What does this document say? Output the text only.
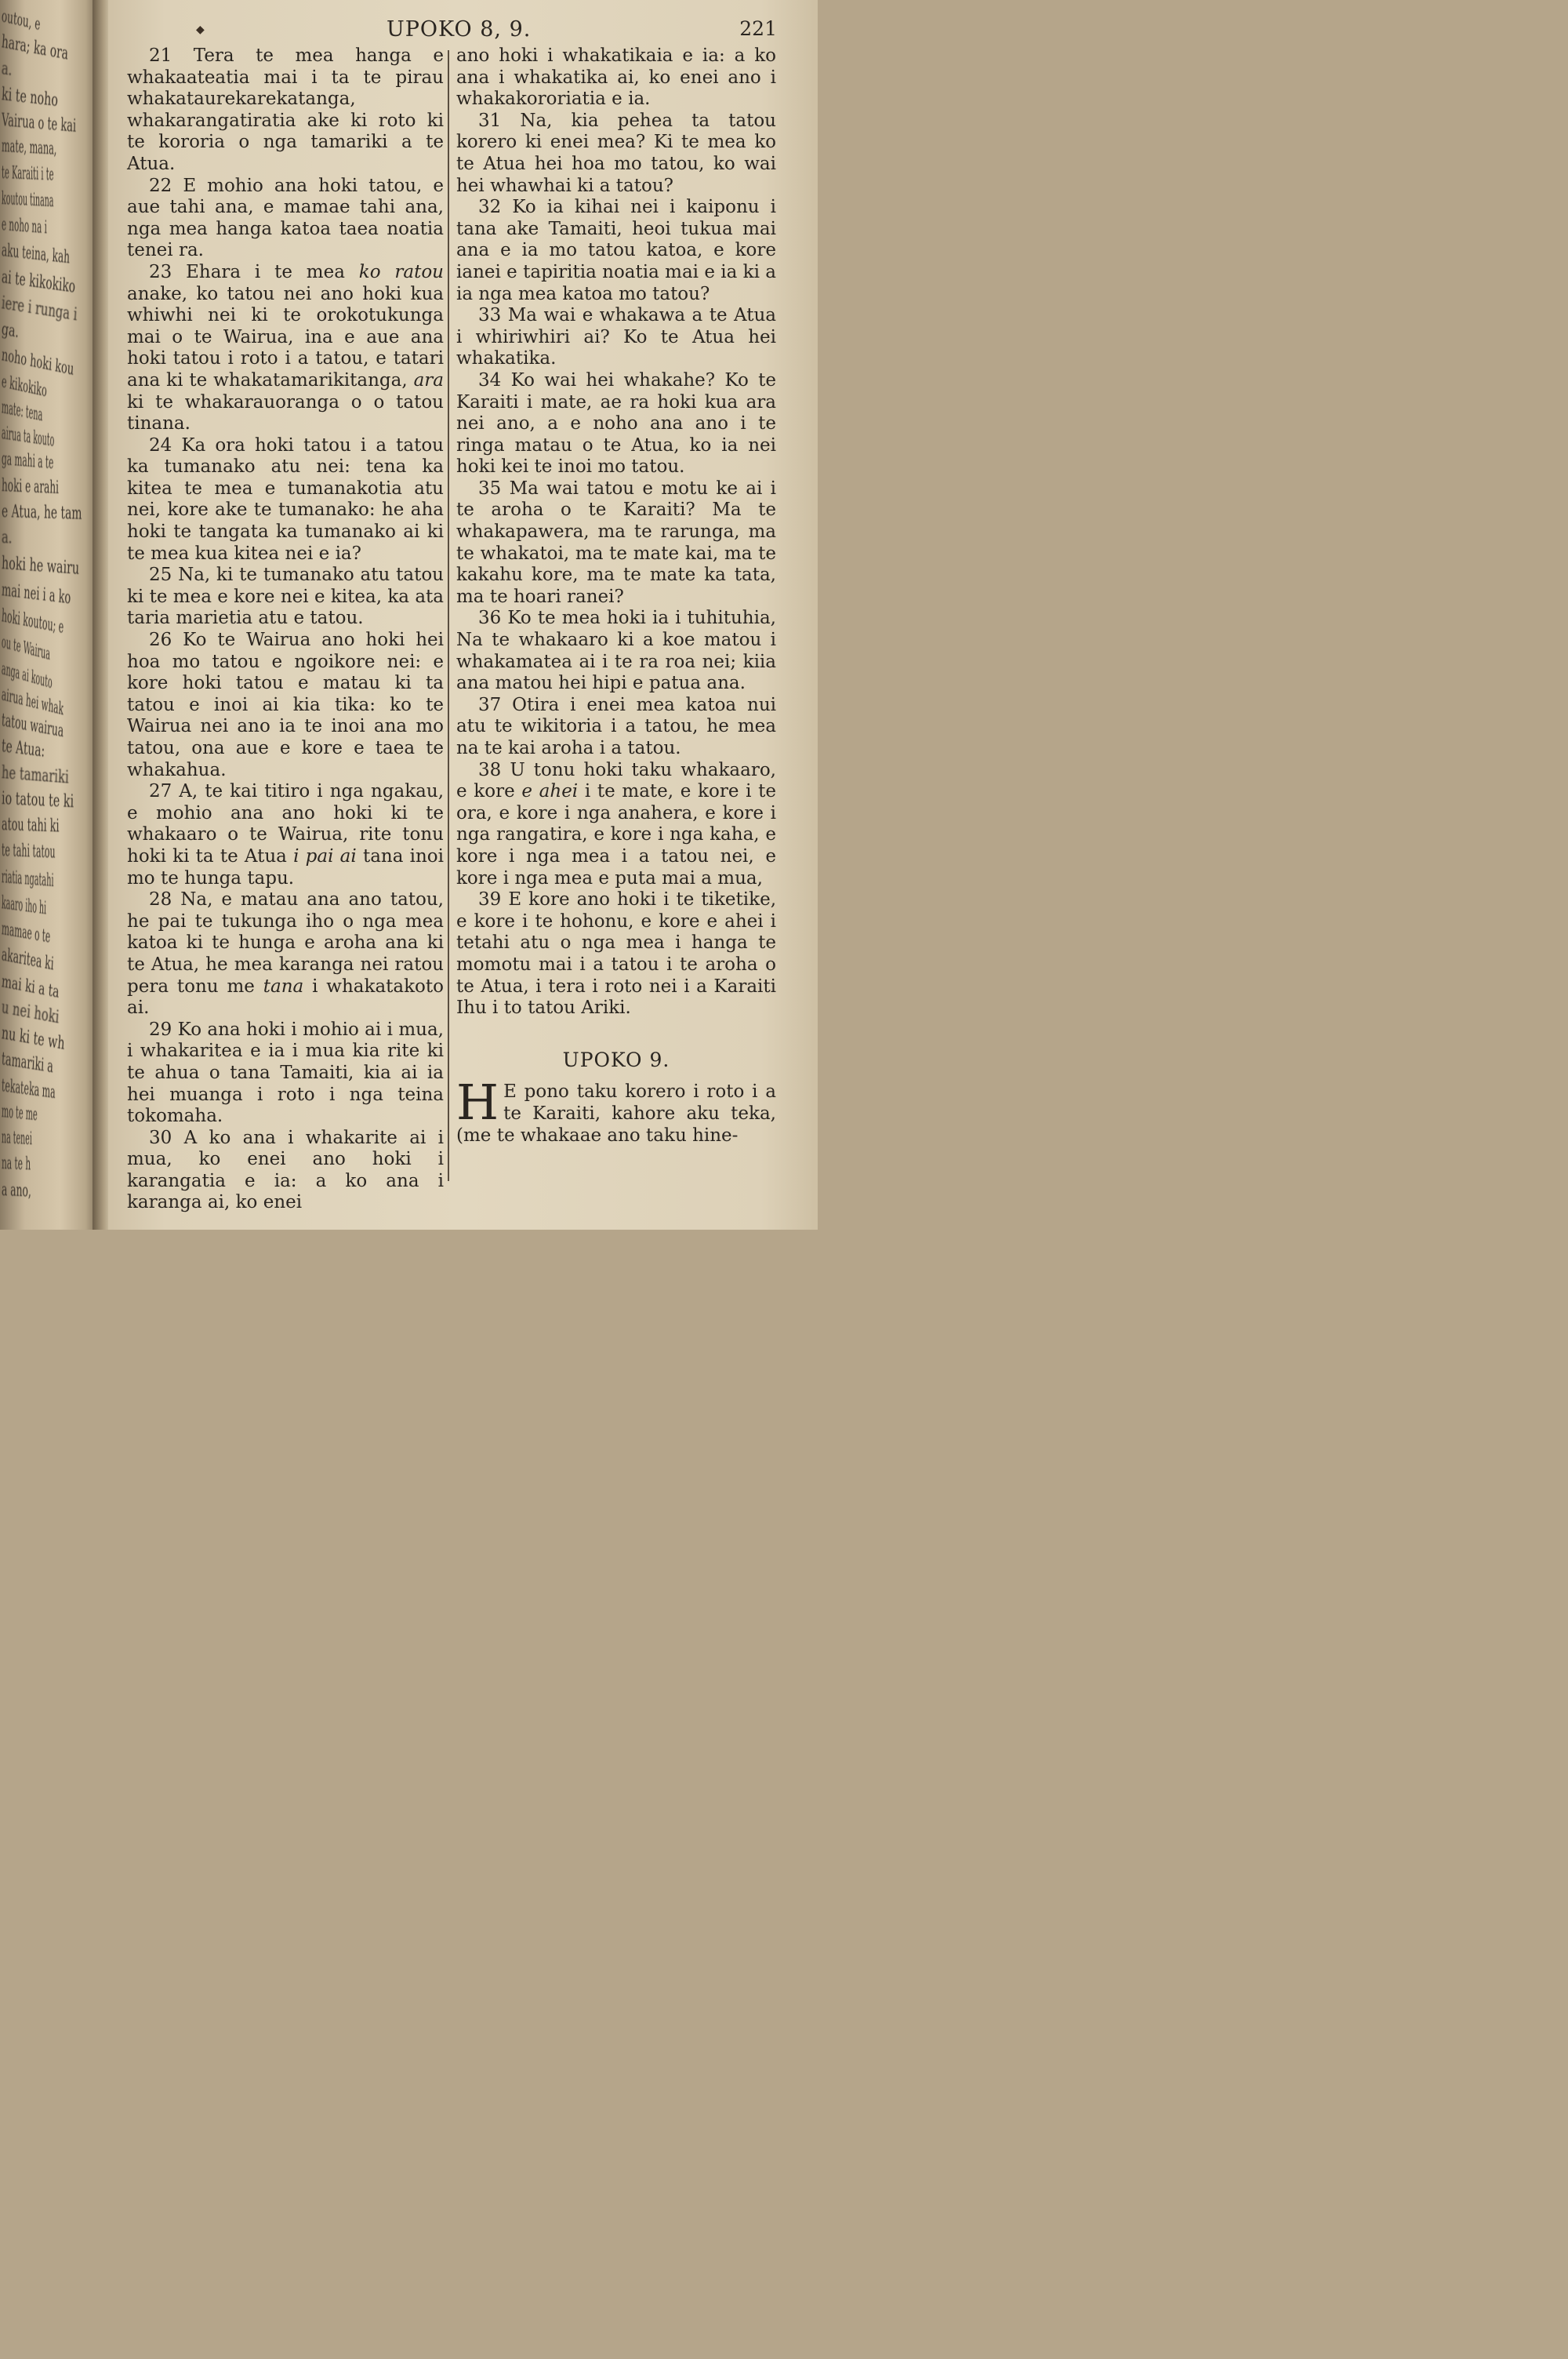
outou, e
hara; ka ora
a.
ki te noho
Vairua o te kai
mate, mana,
te Karaiti i te
koutou tinana
e noho na i
aku teina, kah
ai te kikokiko
iere i runga i
ga.
noho hoki kou
e kikokiko
mate: tena
airua ta kouto
ga mahi a te
hoki e arahi
e Atua, he tam
a.
hoki he wairu
mai nei i a ko
hoki koutou; e
ou te Wairua
anga ai kouto
airua hei whak
tatou wairua
te Atua:
he tamariki
io tatou te ki
atou tahi ki
te tahi tatou
riatia ngatahi
kaaro iho hi
mamae o te
akaritea ki
mai ki a ta
u nei hoki
nu ki te wh
tamariki a
tekateka ma
mo te me
na tenei
na te h
a ano,
◆	UPOKO 8, 9.	221

21 Tera te mea hanga e whakaateatia mai i ta te pirau whakataurekarekatanga, whakarangatiratia ake ki roto ki te kororia o nga tamariki a te Atua.

22 E mohio ana hoki tatou, e aue tahi ana, e mamae tahi ana, nga mea hanga katoa taea noatia tenei ra.

23 Ehara i te mea ko ratou anake, ko tatou nei ano hoki kua whiwhi nei ki te orokotukunga mai o te Wairua, ina e aue ana hoki tatou i roto i a tatou, e tatari ana ki te whakatamarikitanga, ara ki te whakarauoranga o o tatou tinana.

24 Ka ora hoki tatou i a tatou ka tumanako atu nei: tena ka kitea te mea e tumanakotia atu nei, kore ake te tumanako: he aha hoki te tangata ka tumanako ai ki te mea kua kitea nei e ia?

25 Na, ki te tumanako atu tatou ki te mea e kore nei e kitea, ka ata taria marietia atu e tatou.

26 Ko te Wairua ano hoki hei hoa mo tatou e ngoikore nei: e kore hoki tatou e matau ki ta tatou e inoi ai kia tika: ko te Wairua nei ano ia te inoi ana mo tatou, ona aue e kore e taea te whakahua.

27 A, te kai titiro i nga ngakau, e mohio ana ano hoki ki te whakaaro o te Wairua, rite tonu hoki ki ta te Atua i pai ai tana inoi mo te hunga tapu.

28 Na, e matau ana ano tatou, he pai te tukunga iho o nga mea katoa ki te hunga e aroha ana ki te Atua, he mea karanga nei ratou pera tonu me tana i whakatakoto ai.

29 Ko ana hoki i mohio ai i mua, i whakaritea e ia i mua kia rite ki te ahua o tana Tamaiti, kia ai ia hei muanga i roto i nga teina tokomaha.

30 A ko ana i whakarite ai i mua, ko enei ano hoki i karangatia e ia: a ko ana i karanga ai, ko enei

ano hoki i whakatikaia e ia: a ko ana i whakatika ai, ko enei ano i whakakororiatia e ia.

31 Na, kia pehea ta tatou korero ki enei mea? Ki te mea ko te Atua hei hoa mo tatou, ko wai hei whawhai ki a tatou?

32 Ko ia kihai nei i kaiponu i tana ake Tamaiti, heoi tukua mai ana e ia mo tatou katoa, e kore ianei e tapiritia noatia mai e ia ki a ia nga mea katoa mo tatou?

33 Ma wai e whakawa a te Atua i whiriwhiri ai? Ko te Atua hei whakatika.

34 Ko wai hei whakahe? Ko te Karaiti i mate, ae ra hoki kua ara nei ano, a e noho ana ano i te ringa matau o te Atua, ko ia nei hoki kei te inoi mo tatou.

35 Ma wai tatou e motu ke ai i te aroha o te Karaiti? Ma te whakapawera, ma te rarunga, ma te whakatoi, ma te mate kai, ma te kakahu kore, ma te mate ka tata, ma te hoari ranei?

36 Ko te mea hoki ia i tuhituhia, Na te whakaaro ki a koe matou i whakamatea ai i te ra roa nei; kiia ana matou hei hipi e patua ana.

37 Otira i enei mea katoa nui atu te wikitoria i a tatou, he mea na te kai aroha i a tatou.

38 U tonu hoki taku whakaaro, e kore e ahei i te mate, e kore i te ora, e kore i nga anahera, e kore i nga rangatira, e kore i nga kaha, e kore i nga mea i a tatou nei, e kore i nga mea e puta mai a mua,

39 E kore ano hoki i te tiketike, e kore i te hohonu, e kore e ahei i tetahi atu o nga mea i hanga te momotu mai i a tatou i te aroha o te Atua, i tera i roto nei i a Karaiti Ihu i to tatou Ariki.

UPOKO 9.

H E pono taku korero i roto i a te Karaiti, kahore aku teka, (me te whakaae ano taku hine-
